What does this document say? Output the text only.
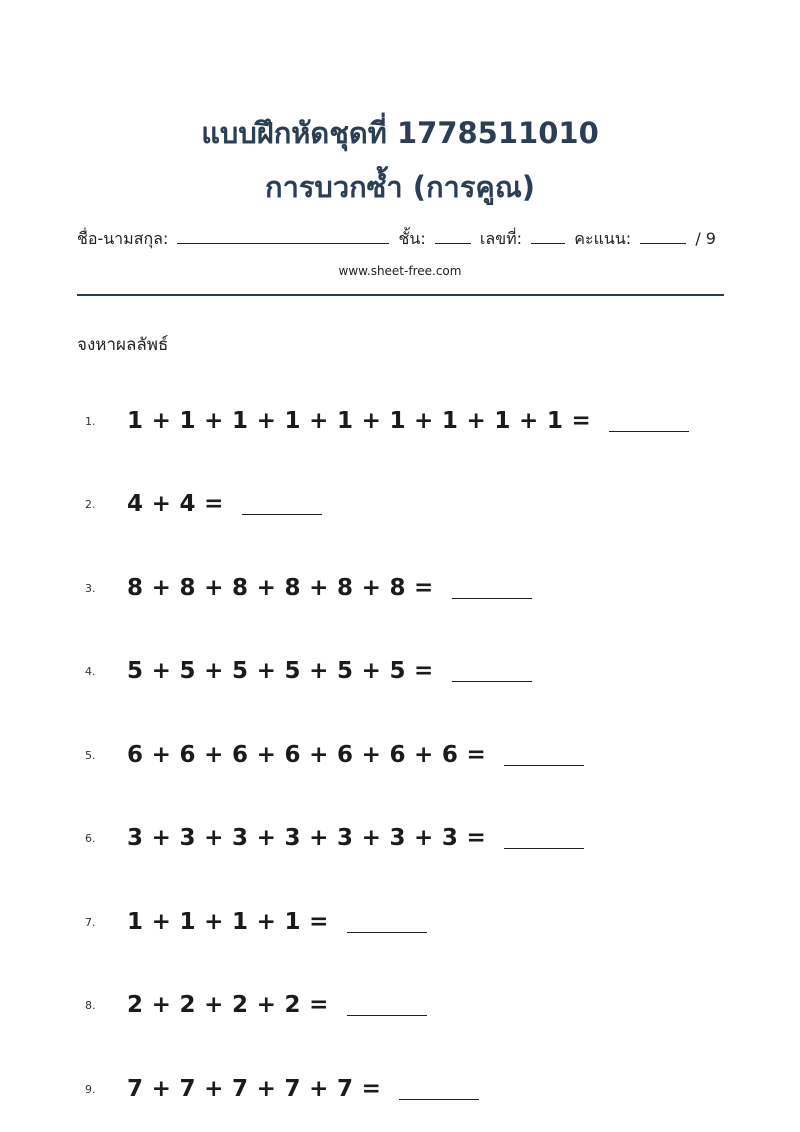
แบบฝึกหัดชุดที่ 1778511010
การบวกซ้ำ (การคูณ)
ชื่อ-นามสกุล:	ชั้น:	เลขที่:	คะแนน:	/ 9
www.sheet-free.com
จงหาผลลัพธ์
1.	1 + 1 + 1 + 1 + 1 + 1 + 1 + 1 + 1 =
2.	4 + 4 =
3.	8 + 8 + 8 + 8 + 8 + 8 =
4.	5 + 5 + 5 + 5 + 5 + 5 =
5.	6 + 6 + 6 + 6 + 6 + 6 + 6 =
6.	3 + 3 + 3 + 3 + 3 + 3 + 3 =
7.	1 + 1 + 1 + 1 =
8.	2 + 2 + 2 + 2 =
9.	7 + 7 + 7 + 7 + 7 =
